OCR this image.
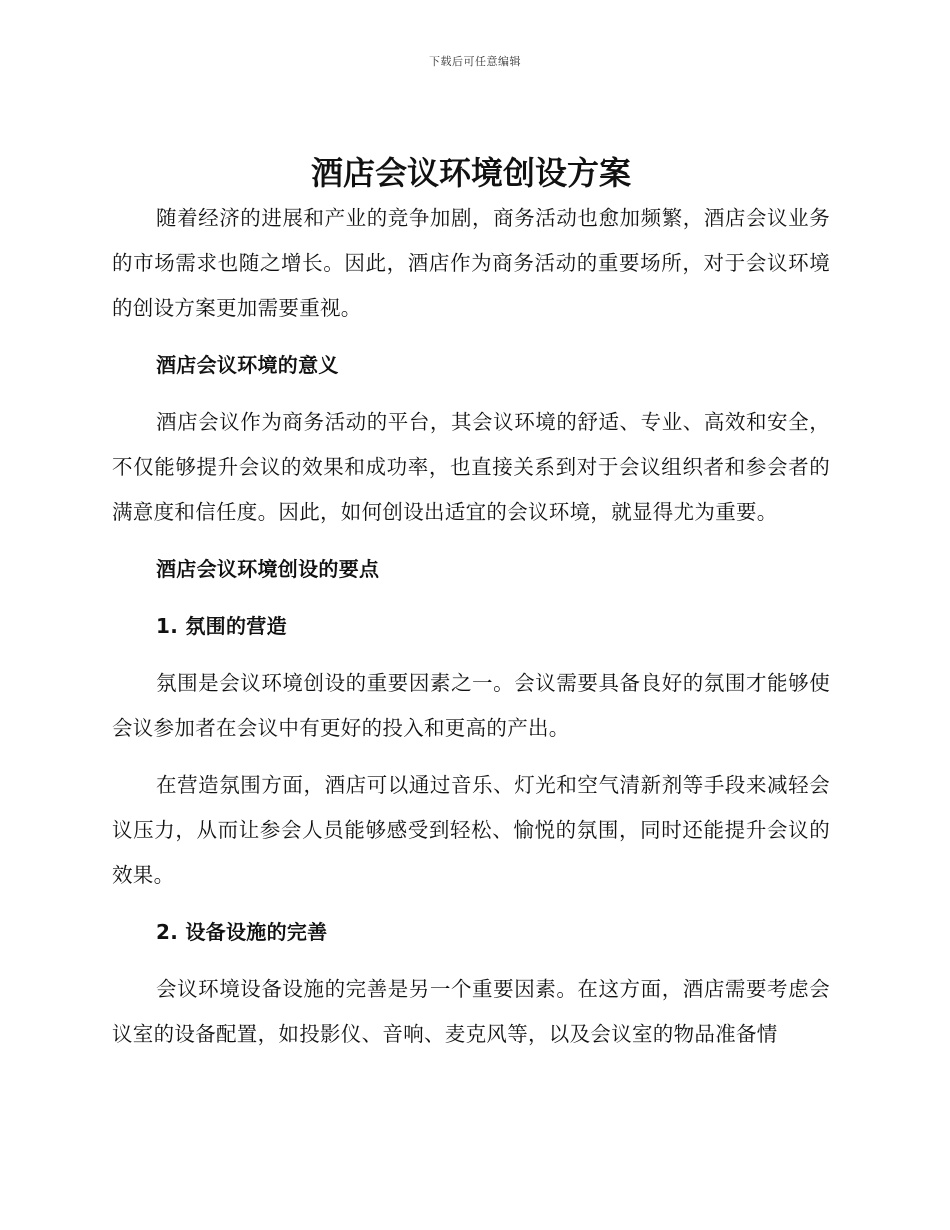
下载后可任意编辑
酒店会议环境创设方案

随着经济的进展和产业的竞争加剧，商务活动也愈加频繁，酒店会议业务的市场需求也随之增长。因此，酒店作为商务活动的重要场所，对于会议环境的创设方案更加需要重视。

酒店会议环境的意义

酒店会议作为商务活动的平台，其会议环境的舒适、专业、高效和安全，不仅能够提升会议的效果和成功率，也直接关系到对于会议组织者和参会者的满意度和信任度。因此，如何创设出适宜的会议环境，就显得尤为重要。

酒店会议环境创设的要点

1. 氛围的营造

氛围是会议环境创设的重要因素之一。会议需要具备良好的氛围才能够使会议参加者在会议中有更好的投入和更高的产出。

在营造氛围方面，酒店可以通过音乐、灯光和空气清新剂等手段来减轻会议压力，从而让参会人员能够感受到轻松、愉悦的氛围，同时还能提升会议的效果。

2. 设备设施的完善

会议环境设备设施的完善是另一个重要因素。在这方面，酒店需要考虑会议室的设备配置，如投影仪、音响、麦克风等，以及会议室的物品准备情
